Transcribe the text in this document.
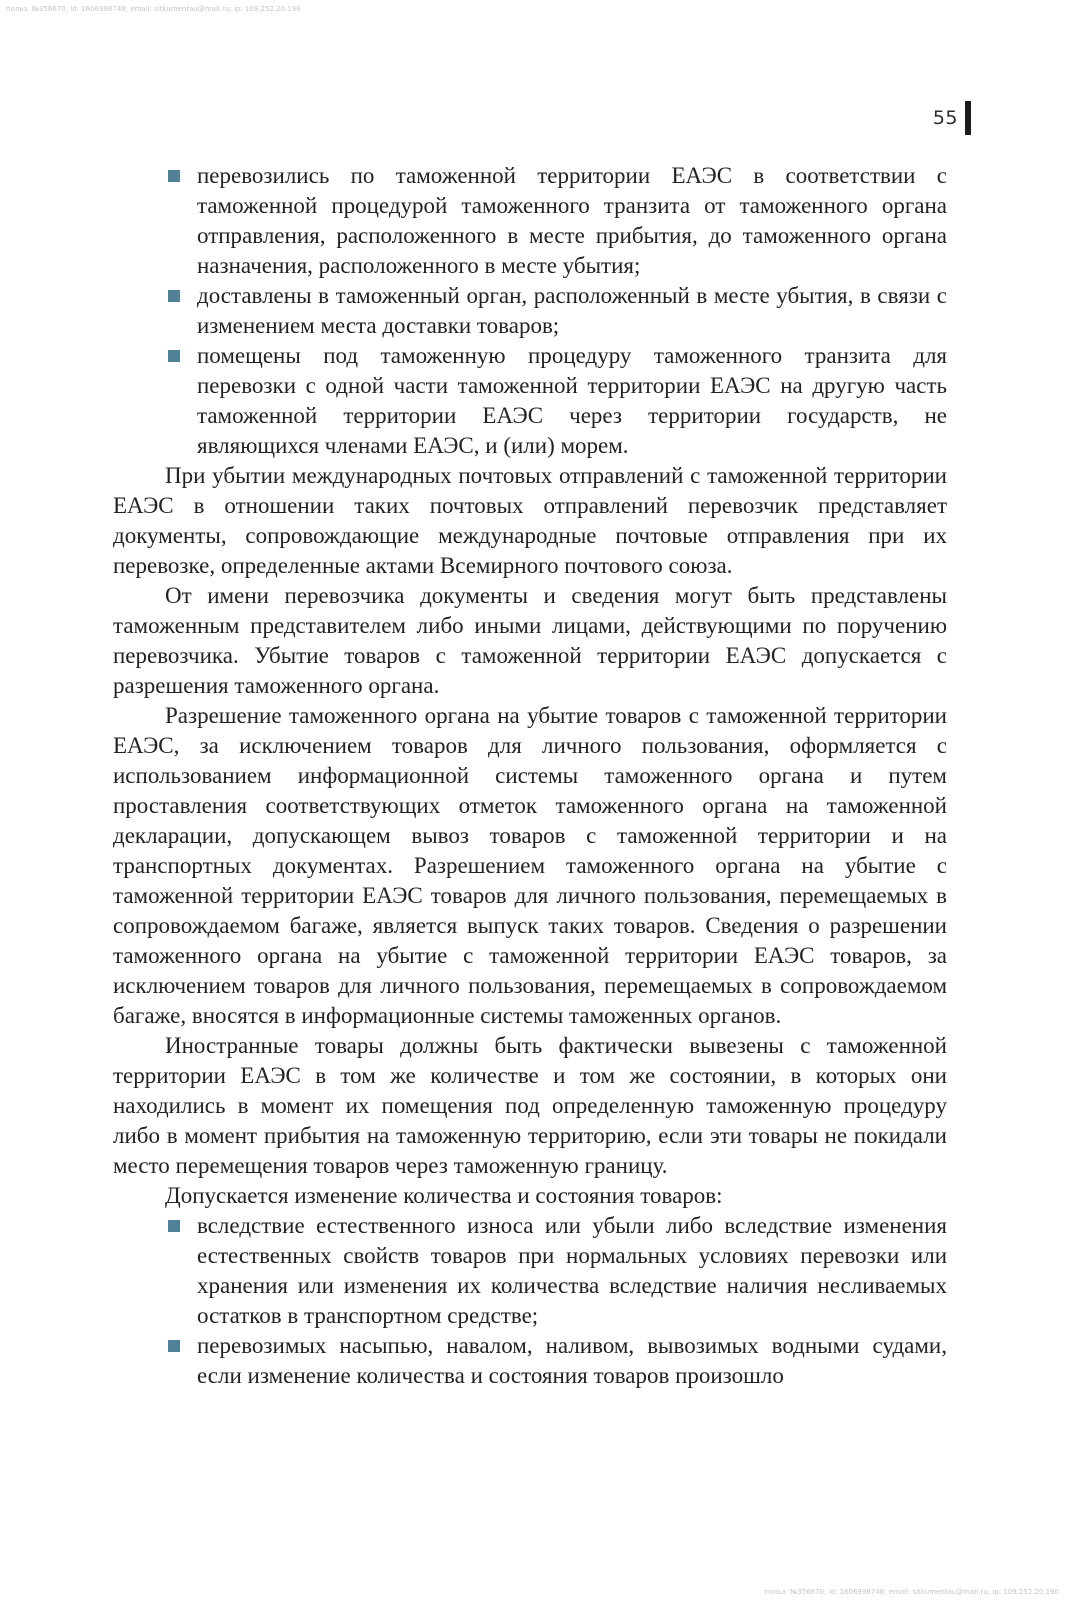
польз. №356670; id: 1606998748; email: sitkumentau@mail.ru; ip: 109.252.20.190
55
перевозились по таможенной территории ЕАЭС в соответствии с таможенной процедурой таможенного транзита от таможенного органа отправления, расположенного в месте прибытия, до таможенного органа назначения, расположенного в месте убытия;
доставлены в таможенный орган, расположенный в месте убытия, в связи с изменением места доставки товаров;
помещены под таможенную процедуру таможенного транзита для перевозки с одной части таможенной территории ЕАЭС на другую часть таможенной территории ЕАЭС через территории государств, не являющихся членами ЕАЭС, и (или) морем.

При убытии международных почтовых отправлений с таможенной территории ЕАЭС в отношении таких почтовых отправлений перевозчик представляет документы, сопровождающие международные почтовые отправления при их перевозке, определенные актами Всемирного почтового союза.

От имени перевозчика документы и сведения могут быть представлены таможенным представителем либо иными лицами, действующими по поручению перевозчика. Убытие товаров с таможенной территории ЕАЭС допускается с разрешения таможенного органа.

Разрешение таможенного органа на убытие товаров с таможенной территории ЕАЭС, за исключением товаров для личного пользования, оформляется с использованием информационной системы таможенного органа и путем проставления соответствующих отметок таможенного органа на таможенной декларации, допускающем вывоз товаров с таможенной территории и на транспортных документах. Разрешением таможенного органа на убытие с таможенной территории ЕАЭС товаров для личного пользования, перемещаемых в сопровождаемом багаже, является выпуск таких товаров. Сведения о разрешении таможенного органа на убытие с таможенной территории ЕАЭС товаров, за исключением товаров для личного пользования, перемещаемых в сопровождаемом багаже, вносятся в информационные системы таможенных органов.

Иностранные товары должны быть фактически вывезены с таможенной территории ЕАЭС в том же количестве и том же состоянии, в которых они находились в момент их помещения под определенную таможенную процедуру либо в момент прибытия на таможенную территорию, если эти товары не покидали место перемещения товаров через таможенную границу.

Допускается изменение количества и состояния товаров:

вследствие естественного износа или убыли либо вследствие изменения естественных свойств товаров при нормальных условиях перевозки или хранения или изменения их количества вследствие наличия несливаемых остатков в транспортном средстве;
перевозимых насыпью, навалом, наливом, вывозимых водными судами, если изменение количества и состояния товаров произошло
польз. №356670; id: 1606998748; email: sitkumentau@mail.ru; ip: 109.252.20.190
